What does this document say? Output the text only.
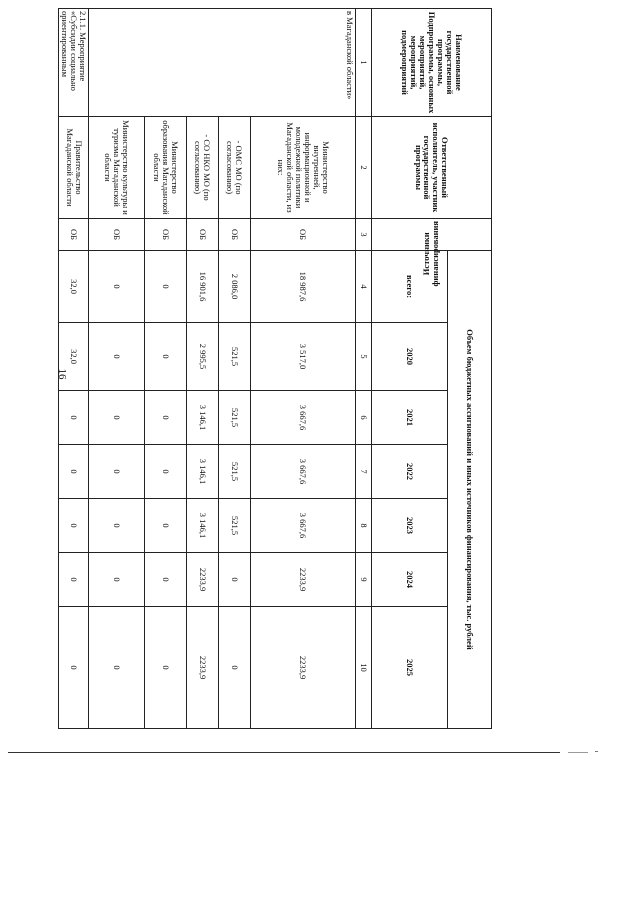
16
Наименование государственной программы, Подпрограммы, основных мероприятий, мероприятий, подмероприятий	Ответственный исполнитель, участник государственной программы	Источники финансирования	Объем бюджетных ассигнований и иных источников финансирования, тыс. рублей						
			всего:	2020	2021	2022	2023	2024	2025
1	2	3	4	5	6	7	8	9	10
в Магаданской области»	Министерство внутренней, информационной и молодежной политики Магаданской области, из них:	ОБ	18 987,6	3 517,0	3 667,6	3 667,6	3 667,6	2233,9	2233,9
	- ОМС МО (по согласованию)	ОБ	2 086,0	521,5	521,5	521,5	521,5	0	0
	- СО НКО МО (по согласованию)	ОБ	16 901,6	2 995,5	3 146,1	3 146,1	3 146,1	2233,9	2233,9
	Министерство образования Магаданской области	ОБ	0	0	0	0	0	0	0
	Министерство культуры и туризма Магаданской области	ОБ	0	0	0	0	0	0	0
2.1.1. Мероприятие «Субсидии социально ориентированным	Правительство Магаданской области	ОБ	32,0	32,0	0	0	0	0	0
